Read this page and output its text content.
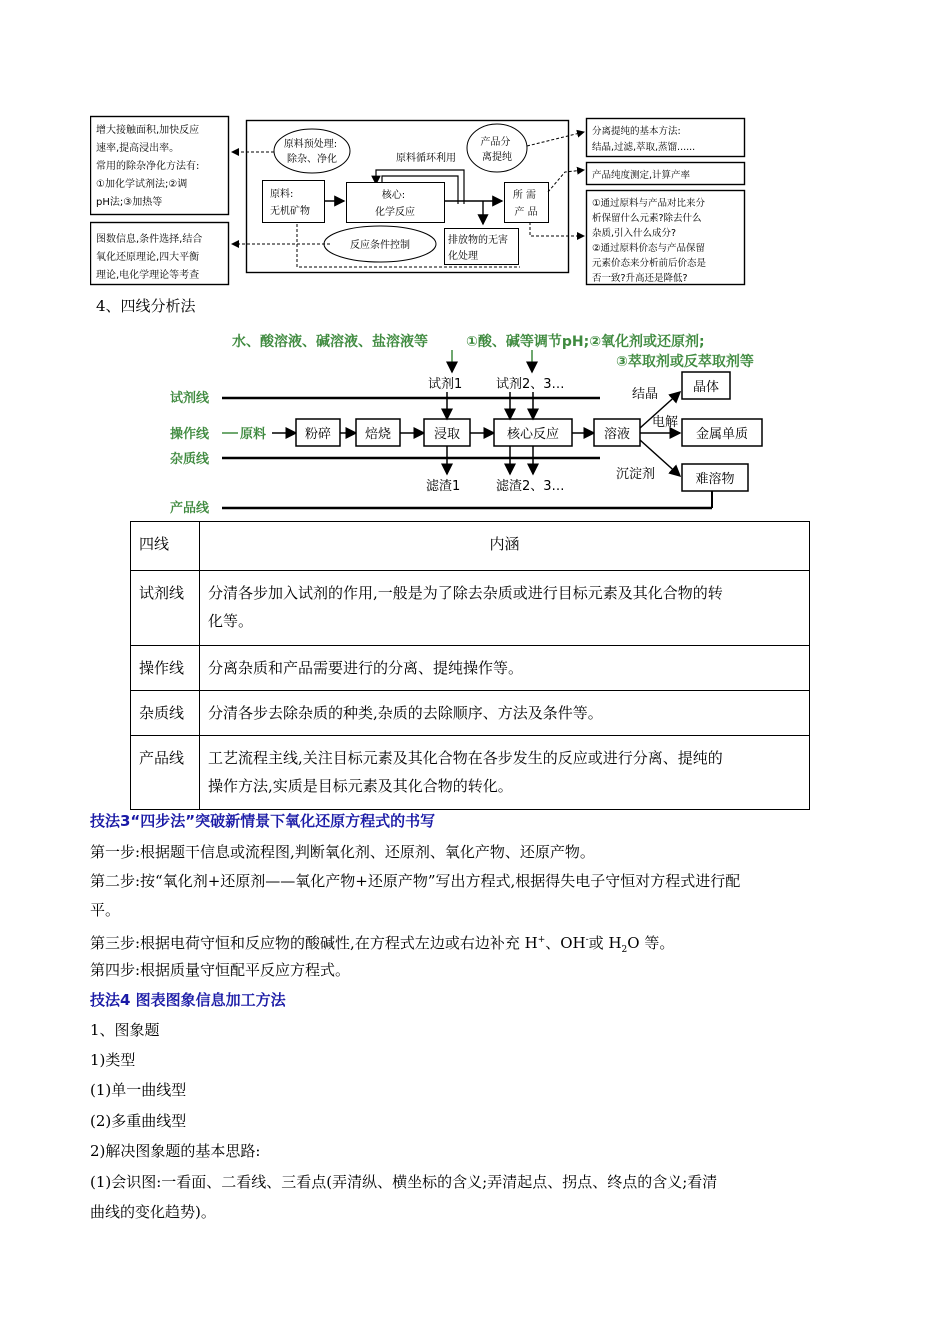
增大接触面积,加快反应 速率,提高浸出率。 常用的除杂净化方法有: ①加化学试剂法;②调 pH法;③加热等
图数信息,条件选择,结合 氧化还原理论,四大平衡 理论,电化学理论等考查
原料预处理: 除杂、净化
产品分 离提纯
原料循环利用
原料: 无机矿物
核心: 化学反应
所 需 产 品
反应条件控制	排放物的无害 化处理
分离提纯的基本方法: 结晶,过滤,萃取,蒸馏......
产品纯度测定,计算产率
①通过原料与产品对比来分 析保留什么元素?除去什么 杂质,引入什么成分? ②通过原料价态与产品保留 元素价态来分析前后价态是 否一致?升高还是降低?
4、四线分析法
水、酸溶液、碱溶液、盐溶液等	①酸、碱等调节pH;②氧化剂或还原剂;
③萃取剂或反萃取剂等
试剂线
操作线
杂质线
产品线
试剂1	试剂2、3…
原料	粉碎	焙烧	浸取	核心反应	溶液
滤渣1	滤渣2、3…
结晶
电解
沉淀剂
晶体
金属单质
难溶物
四线	内涵
试剂线	分清各步加入试剂的作用,一般是为了除去杂质或进行目标元素及其化合物的转
化等。
操作线	分离杂质和产品需要进行的分离、提纯操作等。
杂质线	分清各步去除杂质的种类,杂质的去除顺序、方法及条件等。
产品线	工艺流程主线,关注目标元素及其化合物在各步发生的反应或进行分离、提纯的
操作方法,实质是目标元素及其化合物的转化。
技法3“四步法”突破新情景下氧化还原方程式的书写
第一步:根据题干信息或流程图,判断氧化剂、还原剂、氧化产物、还原产物。
第二步:按“氧化剂+还原剂——氧化产物+还原产物”写出方程式,根据得失电子守恒对方程式进行配
平。
第三步:根据电荷守恒和反应物的酸碱性,在方程式左边或右边补充 H+、OH-或 $H_2O$ 等。
第四步:根据质量守恒配平反应方程式。
技法4 图表图象信息加工方法
1、图象题
1)类型
(1)单一曲线型
(2)多重曲线型
2)解决图象题的基本思路:
(1)会识图:一看面、二看线、三看点(弄清纵、横坐标的含义;弄清起点、拐点、终点的含义;看清
曲线的变化趋势)。
